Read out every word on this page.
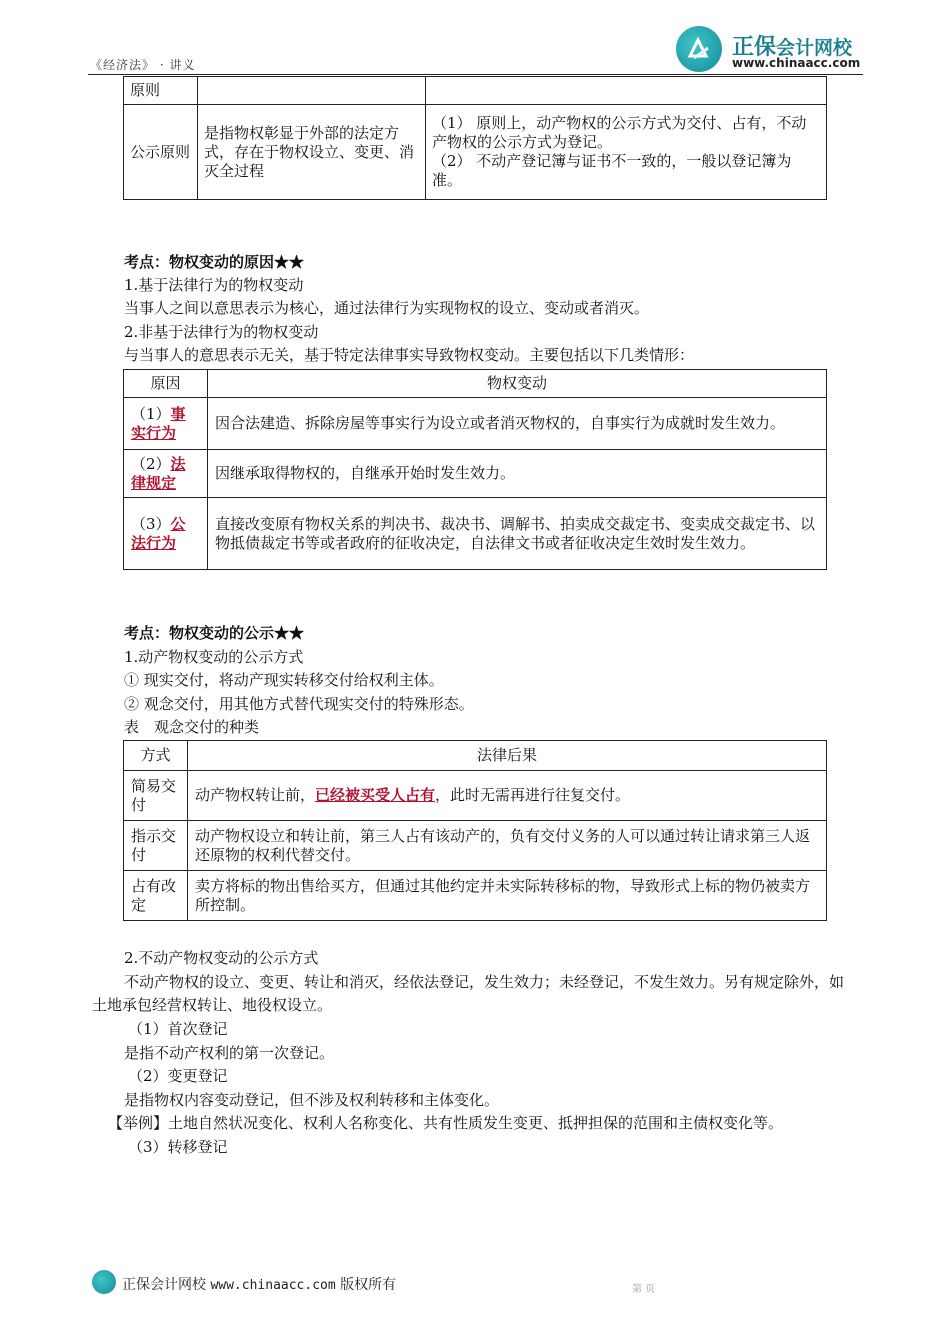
《经济法》 · 讲义
正保会计网校
www.chinaacc.com
原则		
公示原则	是指物权彰显于外部的法定方式，存在于物权设立、变更、消灭全过程	（1） 原则上，动产物权的公示方式为交付、占有，不动产物权的公示方式为登记。
（2） 不动产登记簿与证书不一致的，一般以登记簿为准。
考点：物权变动的原因★★
1.基于法律行为的物权变动
当事人之间以意思表示为核心，通过法律行为实现物权的设立、变动或者消灭。
2.非基于法律行为的物权变动
与当事人的意思表示无关，基于特定法律事实导致物权变动。主要包括以下几类情形：
原因	物权变动
（1）事实行为	因合法建造、拆除房屋等事实行为设立或者消灭物权的，自事实行为成就时发生效力。
（2）法律规定	因继承取得物权的，自继承开始时发生效力。
（3）公法行为	直接改变原有物权关系的判决书、裁决书、调解书、拍卖成交裁定书、变卖成交裁定书、以物抵债裁定书等或者政府的征收决定，自法律文书或者征收决定生效时发生效力。
考点：物权变动的公示★★
1.动产物权变动的公示方式
① 现实交付，将动产现实转移交付给权利主体。
② 观念交付，用其他方式替代现实交付的特殊形态。
表　观念交付的种类
方式	法律后果
简易交付	动产物权转让前，已经被买受人占有，此时无需再进行往复交付。
指示交付	动产物权设立和转让前，第三人占有该动产的，负有交付义务的人可以通过转让请求第三人返还原物的权利代替交付。
占有改定	卖方将标的物出售给买方，但通过其他约定并未实际转移标的物，导致形式上标的物仍被卖方所控制。
2.不动产物权变动的公示方式
不动产物权的设立、变更、转让和消灭，经依法登记，发生效力；未经登记，不发生效力。另有规定除外，如土地承包经营权转让、地役权设立。
（1）首次登记
是指不动产权利的第一次登记。
（2）变更登记
是指物权内容变动登记，但不涉及权利转移和主体变化。
【举例】土地自然状况变化、权利人名称变化、共有性质发生变更、抵押担保的范围和主债权变化等。
（3）转移登记
正保会计网校 www.chinaacc.com 版权所有	第 页
